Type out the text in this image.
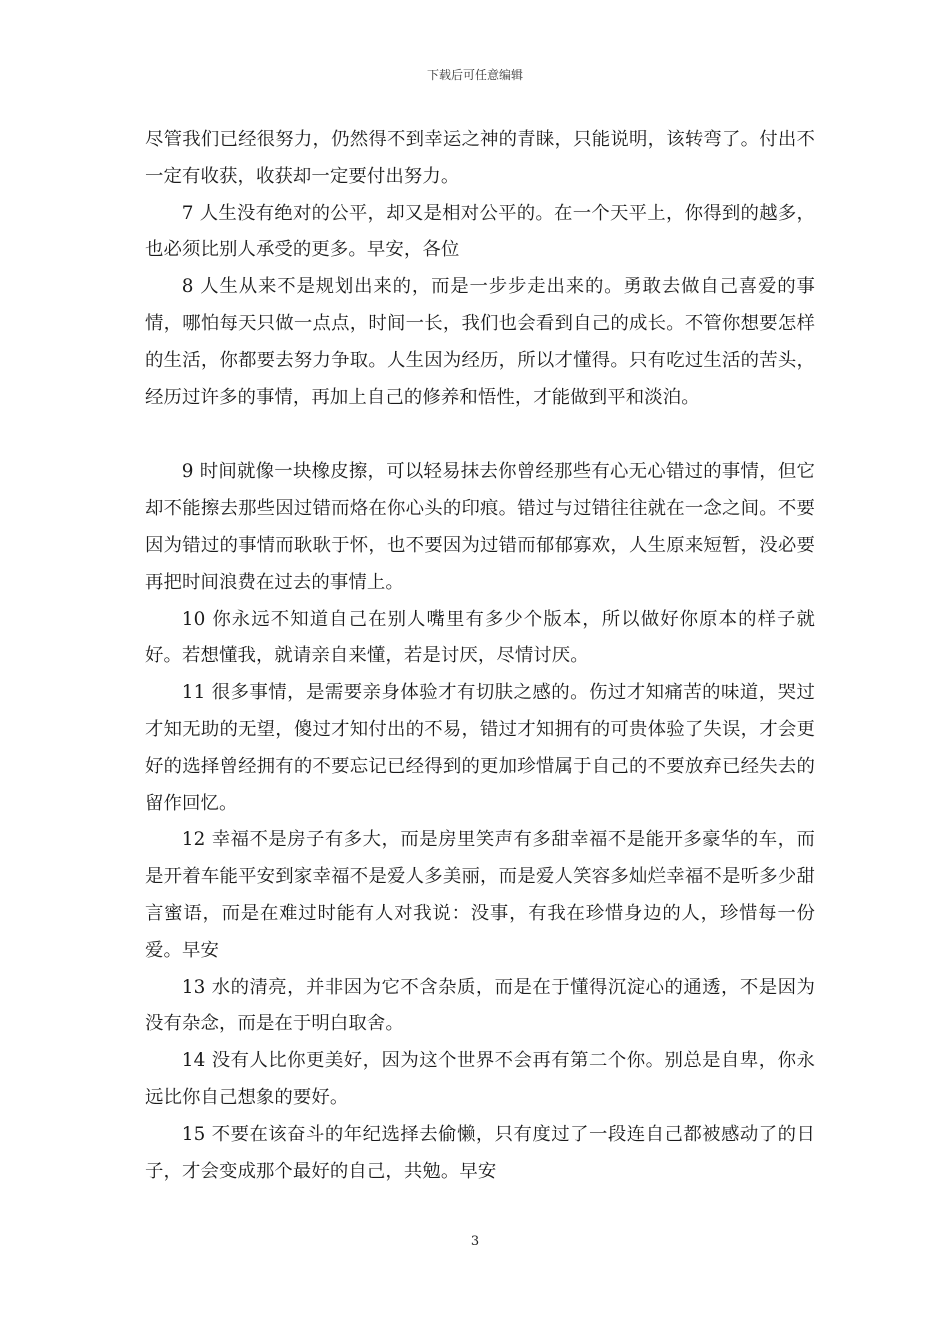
下载后可任意编辑

尽管我们已经很努力，仍然得不到幸运之神的青睐，只能说明，该转弯了。付出不一定有收获，收获却一定要付出努力。

7 人生没有绝对的公平，却又是相对公平的。在一个天平上，你得到的越多，也必须比别人承受的更多。早安，各位

8 人生从来不是规划出来的，而是一步步走出来的。勇敢去做自己喜爱的事情，哪怕每天只做一点点，时间一长，我们也会看到自己的成长。不管你想要怎样的生活，你都要去努力争取。人生因为经历，所以才懂得。只有吃过生活的苦头，经历过许多的事情，再加上自己的修养和悟性，才能做到平和淡泊。

9 时间就像一块橡皮擦，可以轻易抹去你曾经那些有心无心错过的事情，但它却不能擦去那些因过错而烙在你心头的印痕。错过与过错往往就在一念之间。不要因为错过的事情而耿耿于怀，也不要因为过错而郁郁寡欢，人生原来短暂，没必要再把时间浪费在过去的事情上。

10 你永远不知道自己在别人嘴里有多少个版本，所以做好你原本的样子就好。若想懂我，就请亲自来懂，若是讨厌，尽情讨厌。

11 很多事情，是需要亲身体验才有切肤之感的。伤过才知痛苦的味道，哭过才知无助的无望，傻过才知付出的不易，错过才知拥有的可贵体验了失误，才会更好的选择曾经拥有的不要忘记已经得到的更加珍惜属于自己的不要放弃已经失去的留作回忆。

12 幸福不是房子有多大，而是房里笑声有多甜幸福不是能开多豪华的车，而是开着车能平安到家幸福不是爱人多美丽，而是爱人笑容多灿烂幸福不是听多少甜言蜜语，而是在难过时能有人对我说：没事，有我在珍惜身边的人，珍惜每一份爱。早安

13 水的清亮，并非因为它不含杂质，而是在于懂得沉淀心的通透，不是因为没有杂念，而是在于明白取舍。

14 没有人比你更美好，因为这个世界不会再有第二个你。别总是自卑，你永远比你自己想象的要好。

15 不要在该奋斗的年纪选择去偷懒，只有度过了一段连自己都被感动了的日子，才会变成那个最好的自己，共勉。早安

3
